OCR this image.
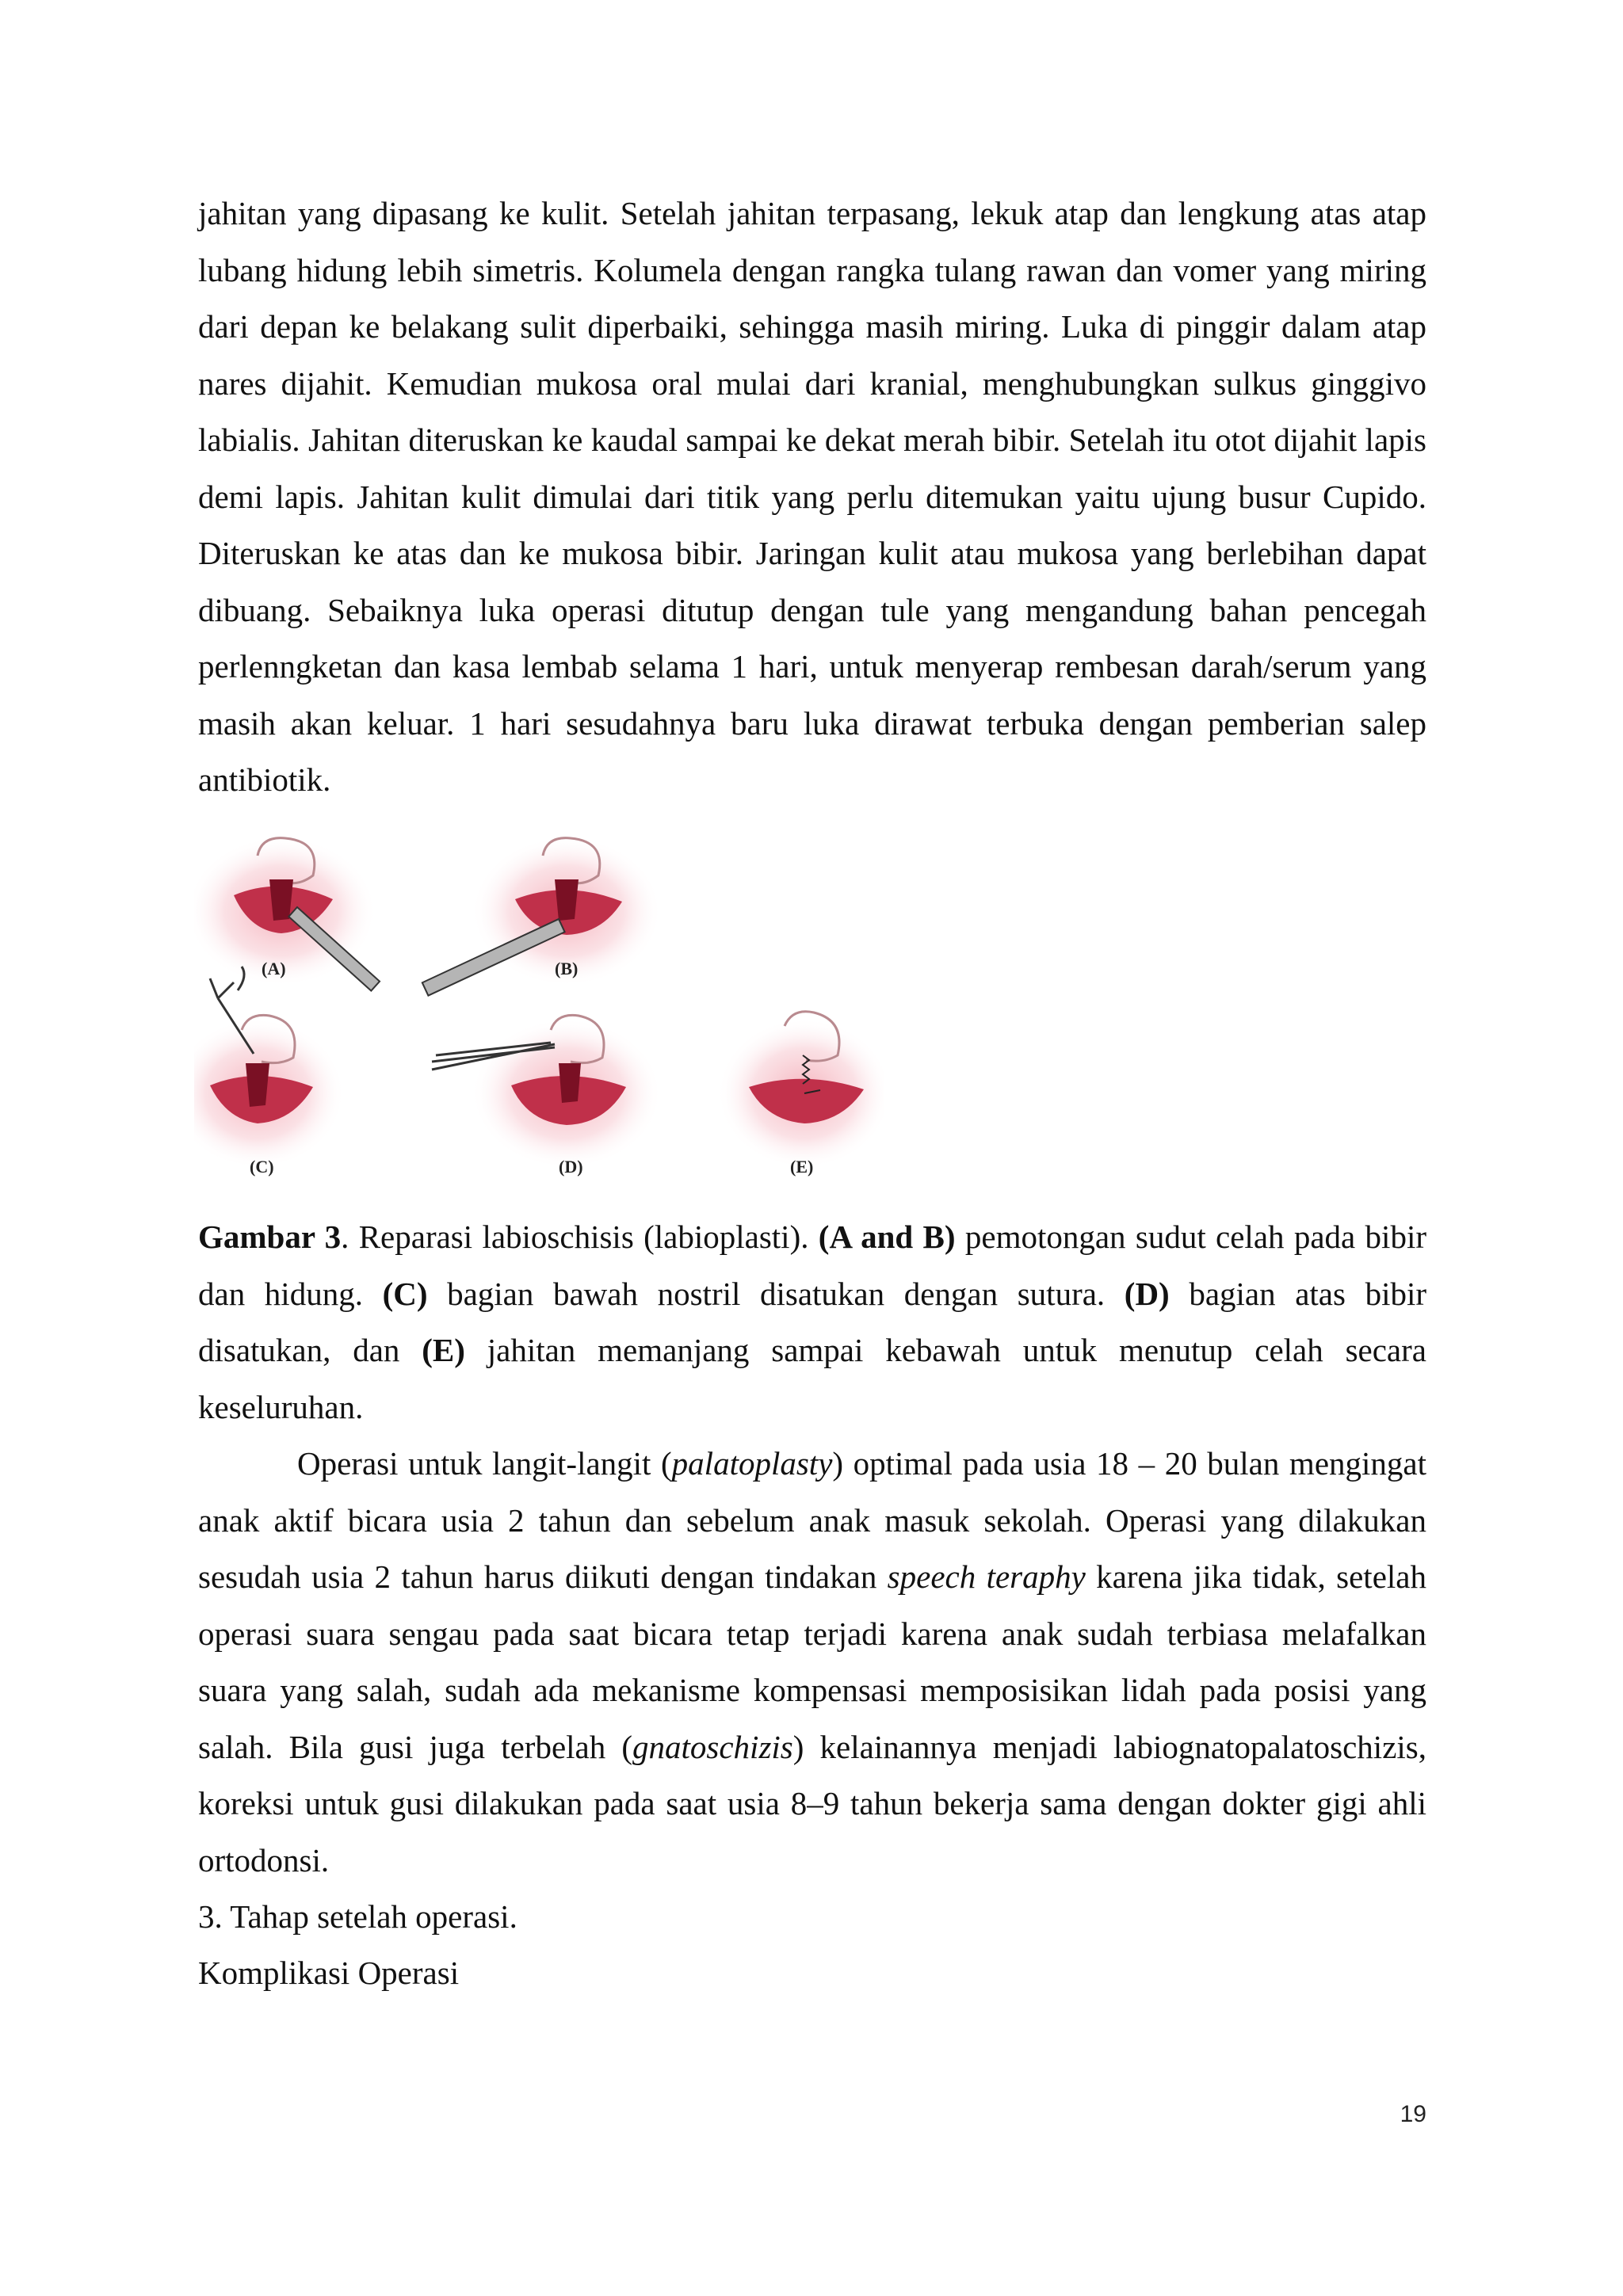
jahitan yang dipasang ke kulit. Setelah jahitan terpasang, lekuk atap dan lengkung atas atap lubang hidung lebih simetris. Kolumela dengan rangka tulang rawan dan vomer yang miring dari depan ke belakang sulit diperbaiki, sehingga masih miring. Luka di pinggir dalam atap nares dijahit. Kemudian mukosa oral mulai dari kranial, menghubungkan sulkus ginggivo labialis. Jahitan diteruskan ke kaudal sampai ke dekat merah bibir. Setelah itu otot dijahit lapis demi lapis. Jahitan kulit dimulai dari titik yang perlu ditemukan yaitu ujung busur Cupido. Diteruskan ke atas dan ke mukosa bibir. Jaringan kulit atau mukosa yang berlebihan dapat dibuang. Sebaiknya luka operasi ditutup dengan tule yang mengandung bahan pencegah perlenngketan dan kasa lembab selama 1 hari, untuk menyerap rembesan darah/serum yang masih akan keluar. 1 hari sesudahnya baru luka dirawat terbuka dengan pemberian salep antibiotik.

(A)	(B)
(C)	(D)	(E)

Gambar 3. Reparasi labioschisis (labioplasti). (A and B) pemotongan sudut celah pada bibir dan hidung. (C) bagian bawah nostril disatukan dengan sutura. (D) bagian atas bibir disatukan, dan (E) jahitan memanjang sampai kebawah untuk menutup celah secara keseluruhan.

Operasi untuk langit-langit (palatoplasty) optimal pada usia 18 – 20 bulan mengingat anak aktif bicara usia 2 tahun dan sebelum anak masuk sekolah. Operasi yang dilakukan sesudah usia 2 tahun harus diikuti dengan tindakan speech teraphy karena jika tidak, setelah operasi suara sengau pada saat bicara tetap terjadi karena anak sudah terbiasa melafalkan suara yang salah, sudah ada mekanisme kompensasi memposisikan lidah pada posisi yang salah. Bila gusi juga terbelah (gnatoschizis) kelainannya menjadi labiognatopalatoschizis, koreksi untuk gusi dilakukan pada saat usia 8–9 tahun bekerja sama dengan dokter gigi ahli ortodonsi.

3. Tahap setelah operasi.

Komplikasi Operasi

19
